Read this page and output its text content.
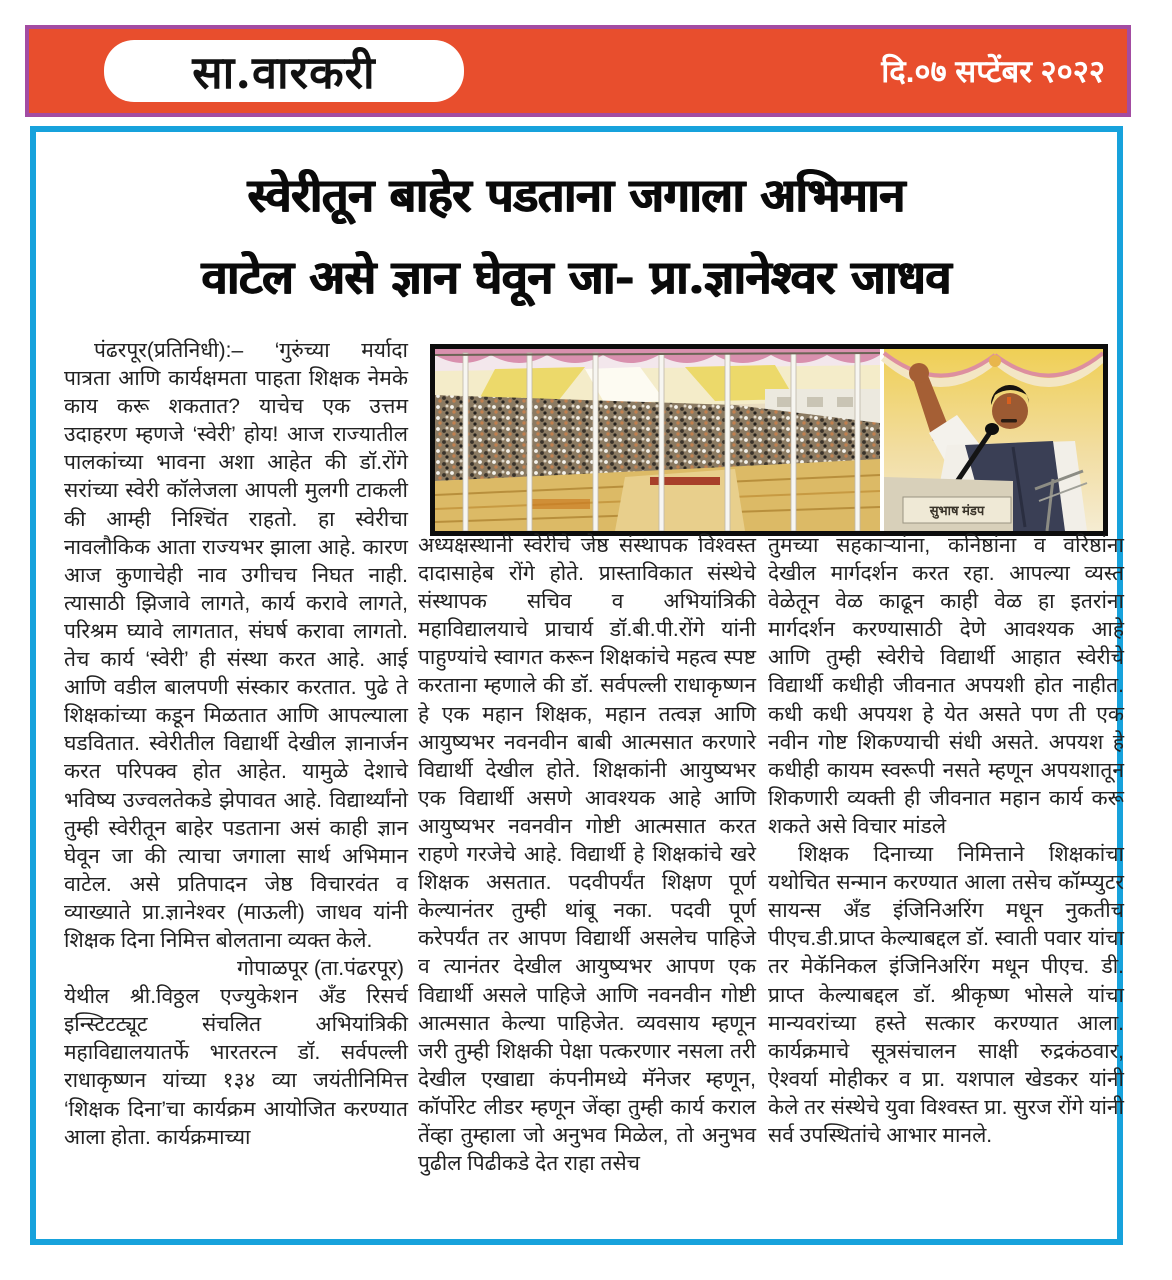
सा.वारकरी	दि.०७ सप्टेंबर २०२२
स्वेरीतून बाहेर पडताना जगाला अभिमान
वाटेल असे ज्ञान घेवून जा- प्रा.ज्ञानेश्वर जाधव
सुभाष मंडप
पंढरपूर(प्रतिनिधी):– ‘गुरुंच्या मर्यादा पात्रता आणि कार्यक्षमता पाहता शिक्षक नेमके काय करू शकतात? याचेच एक उत्तम उदाहरण म्हणजे ‘स्वेरी’ होय! आज राज्यातील पालकांच्या भावना अशा आहेत की डॉ.रोंगे सरांच्या स्वेरी कॉलेजला आपली मुलगी टाकली की आम्ही निश्चिंत राहतो. हा स्वेरीचा नावलौकिक आता राज्यभर झाला आहे. कारण आज कुणाचेही नाव उगीचच निघत नाही. त्यासाठी झिजावे लागते, कार्य करावे लागते, परिश्रम घ्यावे लागतात, संघर्ष करावा लागतो. तेच कार्य ‘स्वेरी’ ही संस्था करत आहे. आई आणि वडील बालपणी संस्कार करतात. पुढे ते शिक्षकांच्या कडून मिळतात आणि आपल्याला घडवितात. स्वेरीतील विद्यार्थी देखील ज्ञानार्जन करत परिपक्व होत आहेत. यामुळे देशाचे भविष्य उज्वलतेकडे झेपावत आहे. विद्यार्थ्यांनो तुम्ही स्वेरीतून बाहेर पडताना असं काही ज्ञान घेवून जा की त्याचा जगाला सार्थ अभिमान वाटेल. असे प्रतिपादन जेष्ठ विचारवंत व व्याख्याते प्रा.ज्ञानेश्वर (माऊली) जाधव यांनी शिक्षक दिना निमित्त बोलताना व्यक्त केले.
गोपाळपूर (ता.पंढरपूर)
येथील श्री.विठ्ठल एज्युकेशन अँड रिसर्च इन्स्टिटट्यूट संचलित अभियांत्रिकी महाविद्यालयातर्फे भारतरत्न डॉ. सर्वपल्ली राधाकृष्णन यांच्या १३४ व्या जयंतीनिमित्त ‘शिक्षक दिना’चा कार्यक्रम आयोजित करण्यात आला होता. कार्यक्रमाच्या
अध्यक्षस्थानी स्वेरीचे जेष्ठ संस्थापक विश्वस्त दादासाहेब रोंगे होते. प्रास्ताविकात संस्थेचे संस्थापक सचिव व अभियांत्रिकी महाविद्यालयाचे प्राचार्य डॉ.बी.पी.रोंगे यांनी पाहुण्यांचे स्वागत करून शिक्षकांचे महत्व स्पष्ट करताना म्हणाले की डॉ. सर्वपल्ली राधाकृष्णन हे एक महान शिक्षक, महान तत्वज्ञ आणि आयुष्यभर नवनवीन बाबी आत्मसात करणारे विद्यार्थी देखील होते. शिक्षकांनी आयुष्यभर एक विद्यार्थी असणे आवश्यक आहे आणि आयुष्यभर नवनवीन गोष्टी आत्मसात करत राहणे गरजेचे आहे. विद्यार्थी हे शिक्षकांचे खरे शिक्षक असतात. पदवीपर्यंत शिक्षण पूर्ण केल्यानंतर तुम्ही थांबू नका. पदवी पूर्ण करेपर्यंत तर आपण विद्यार्थी असलेच पाहिजे व त्यानंतर देखील आयुष्यभर आपण एक विद्यार्थी असले पाहिजे आणि नवनवीन गोष्टी आत्मसात केल्या पाहिजेत. व्यवसाय म्हणून जरी तुम्ही शिक्षकी पेक्षा पत्करणार नसला तरी देखील एखाद्या कंपनीमध्ये मॅनेजर म्हणून, कॉर्पोरेट लीडर म्हणून जेंव्हा तुम्ही कार्य कराल तेंव्हा तुम्हाला जो अनुभव मिळेल, तो अनुभव पुढील पिढीकडे देत राहा तसेच
तुमच्या सहकाऱ्यांना, कनिष्ठांना व वरिष्ठांना देखील मार्गदर्शन करत रहा. आपल्या व्यस्त वेळेतून वेळ काढून काही वेळ हा इतरांना मार्गदर्शन करण्यासाठी देणे आवश्यक आहे आणि तुम्ही स्वेरीचे विद्यार्थी आहात स्वेरीचे विद्यार्थी कधीही जीवनात अपयशी होत नाहीत. कधी कधी अपयश हे येत असते पण ती एक नवीन गोष्ट शिकण्याची संधी असते. अपयश हे कधीही कायम स्वरूपी नसते म्हणून अपयशातून शिकणारी व्यक्ती ही जीवनात महान कार्य करू शकते असे विचार मांडले
शिक्षक दिनाच्या निमित्ताने शिक्षकांचा यथोचित सन्मान करण्यात आला तसेच कॉम्प्युटर सायन्स अँड इंजिनिअरिंग मधून नुकतीच पीएच.डी.प्राप्त केल्याबद्दल डॉ. स्वाती पवार यांचा तर मेकॅनिकल इंजिनिअरिंग मधून पीएच. डी. प्राप्त केल्याबद्दल डॉ. श्रीकृष्ण भोसले यांचा मान्यवरांच्या हस्ते सत्कार करण्यात आला. कार्यक्रमाचे सूत्रसंचालन साक्षी रुद्रकंठवार, ऐश्वर्या मोहीकर व प्रा. यशपाल खेडकर यांनी केले तर संस्थेचे युवा विश्वस्त प्रा. सुरज रोंगे यांनी सर्व उपस्थितांचे आभार मानले.
